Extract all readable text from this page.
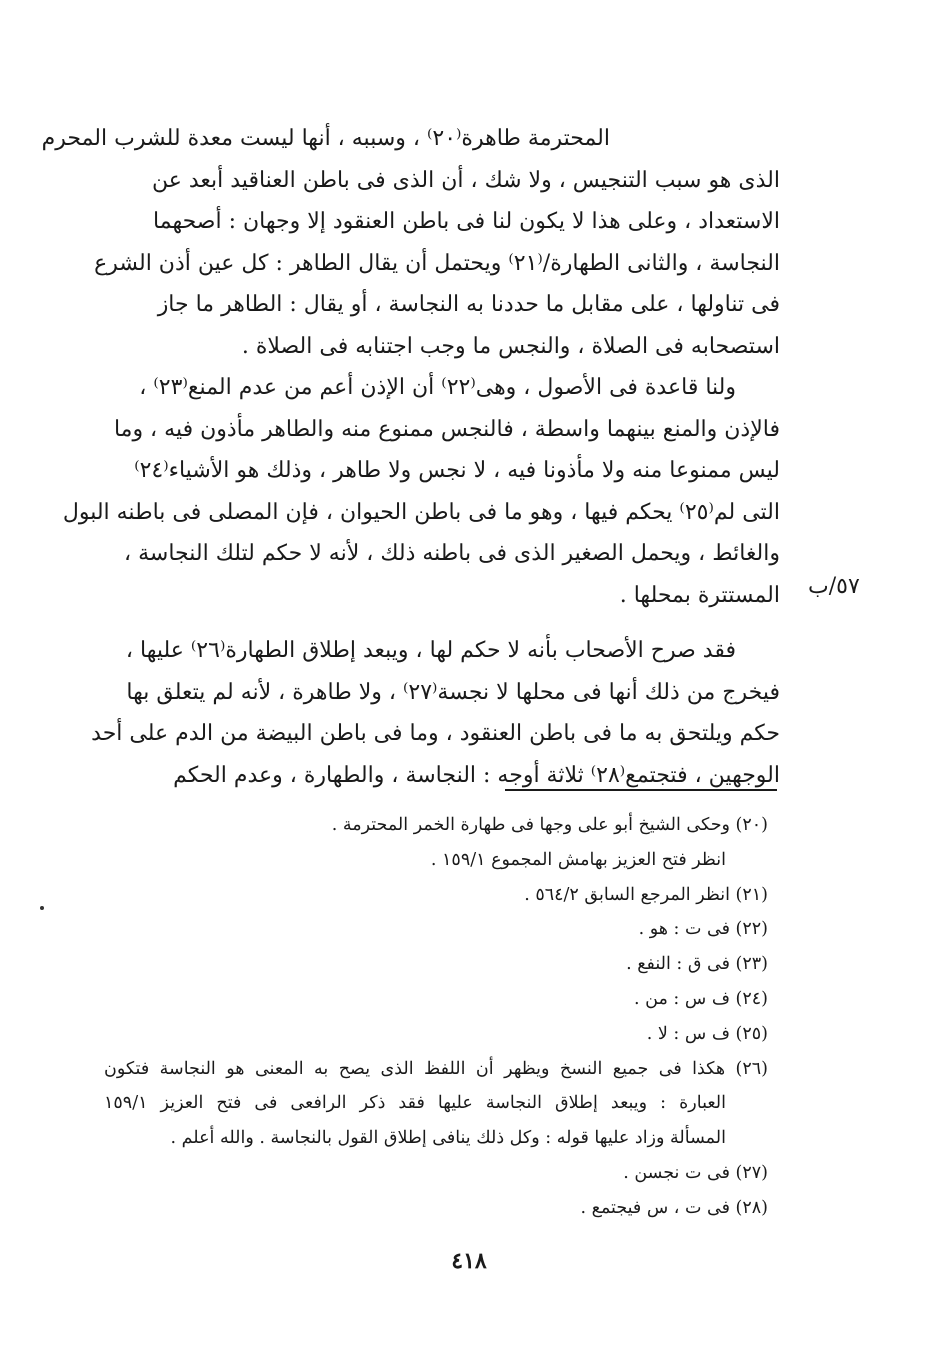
المحترمة طاهرة⁽٢٠⁾ ، وسببه ، أنها ليست معدة للشرب المحرم
الذى هو سبب التنجيس ، ولا شك ، أن الذى فى باطن العناقيد أبعد عن
الاستعداد ، وعلى هذا لا يكون لنا فى باطن العنقود إلا وجهان : أصحهما
النجاسة ، والثانى الطهارة/⁽٢١⁾ ويحتمل أن يقال الطاهر : كل عين أذن الشرع
فى تناولها ، على مقابل ما حددنا به النجاسة ، أو يقال : الطاهر ما جاز
استصحابه فى الصلاة ، والنجس ما وجب اجتنابه فى الصلاة .
ولنا قاعدة فى الأصول ، وهى⁽٢٢⁾ أن الإذن أعم من عدم المنع⁽٢٣⁾ ،
فالإذن والمنع بينهما واسطة ، فالنجس ممنوع منه والطاهر مأذون فيه ، وما
ليس ممنوعا منه ولا مأذونا فيه ، لا نجس ولا طاهر ، وذلك هو الأشياء⁽٢٤⁾
التى لم⁽٢٥⁾ يحكم فيها ، وهو ما فى باطن الحيوان ، فإن المصلى فى باطنه البول
والغائط ، ويحمل الصغير الذى فى باطنه ذلك ، لأنه لا حكم لتلك النجاسة ،
المستترة بمحلها . ٥٧/ب
فقد صرح الأصحاب بأنه لا حكم لها ، ويبعد إطلاق الطهارة⁽٢٦⁾ عليها ،
فيخرج من ذلك أنها فى محلها لا نجسة⁽٢٧⁾ ، ولا طاهرة ، لأنه لم يتعلق بها
حكم ويلتحق به ما فى باطن العنقود ، وما فى باطن البيضة من الدم على أحد
الوجهين ، فتجتمع⁽٢٨⁾ ثلاثة أوجه : النجاسة ، والطهارة ، وعدم الحكم
(٢٠) وحكى الشيخ أبو على وجها فى طهارة الخمر المحترمة .
انظر فتح العزيز بهامش المجموع ١٥٩/١ .
(٢١) انظر المرجع السابق ٥٦٤/٢ .
(٢٢) فى ت : هو .
(٢٣) فى ق : النفع .
(٢٤) ف س : من .
(٢٥) ف س : لا .
(٢٦) هكذا فى جميع النسخ ويظهر أن اللفظ الذى يصح به المعنى هو النجاسة فتكون
العبارة : ويبعد إطلاق النجاسة عليها فقد ذكر الرافعى فى فتح العزيز ١٥٩/١
المسألة وزاد عليها قوله : وكل ذلك ينافى إطلاق القول بالنجاسة . والله أعلم .
(٢٧) فى ت نجسن .
(٢٨) فى ت ، س فيجتمع .
٤١٨
